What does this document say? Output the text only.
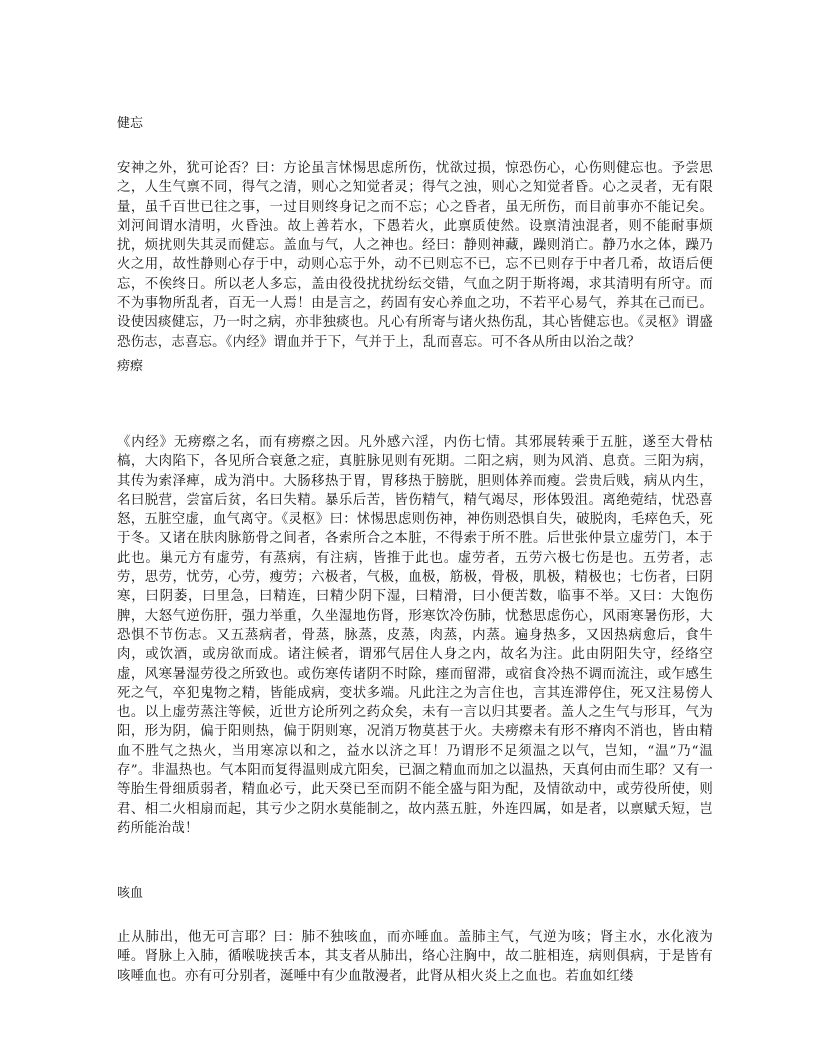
健忘

安神之外，犹可论否？曰：方论虽言怵惕思虑所伤，忧欲过损，惊恐伤心，心伤则健忘也。予尝思之，人生气禀不同，得气之清，则心之知觉者灵；得气之浊，则心之知觉者昏。心之灵者，无有限量，虽千百世已往之事，一过目则终身记之而不忘；心之昏者，虽无所伤，而目前事亦不能记矣。刘河间谓水清明，火昏浊。故上善若水，下愚若火，此禀质使然。设禀清浊混者，则不能耐事烦扰，烦扰则失其灵而健忘。盖血与气，人之神也。经曰：静则神藏，躁则消亡。静乃水之体，躁乃火之用，故性静则心存于中，动则心忘于外，动不已则忘不已，忘不已则存于中者几希，故语后便忘，不俟终日。所以老人多忘，盖由役役扰扰纷纭交错，气血之阴于斯将竭，求其清明有所守。而不为事物所乱者，百无一人焉！由是言之，药固有安心养血之功，不若平心易气，养其在己而已。设使因痰健忘，乃一时之病，亦非独痰也。凡心有所寄与诸火热伤乱，其心皆健忘也。《灵枢》谓盛恐伤志，志喜忘。《内经》谓血并于下，气并于上，乱而喜忘。可不各从所由以治之哉？

痨瘵

《内经》无痨瘵之名，而有痨瘵之因。凡外感六淫，内伤七情。其邪展转乘于五脏，遂至大骨枯槁，大肉陷下，各见所合衰惫之症，真脏脉见则有死期。二阳之病，则为风消、息贲。三阳为病，其传为索泽痺，成为消中。大肠移热于胃，胃移热于膀胱，胆则体养而瘦。尝贵后贱，病从内生，名曰脱营，尝富后贫，名曰失精。暴乐后苦，皆伤精气，精气竭尽，形体毁沮。离绝菀结，忧恐喜怒，五脏空虚，血气离守。《灵枢》曰：怵惕思虑则伤神，神伤则恐惧自失，破脱肉，毛瘁色夭，死于冬。又诸在肤肉脉筋骨之间者，各索所合之本脏，不得索于所不胜。后世张仲景立虚劳门，本于此也。巢元方有虚劳，有蒸病，有注病，皆推于此也。虚劳者，五劳六极七伤是也。五劳者，志劳，思劳，忧劳，心劳，瘦劳；六极者，气极，血极，筋极，骨极，肌极，精极也；七伤者，曰阴寒，曰阴萎，曰里急，曰精连，曰精少阴下湿，曰精滑，曰小便苦数，临事不举。又曰：大饱伤脾，大怒气逆伤肝，强力举重，久坐湿地伤肾，形寒饮冷伤肺，忧愁思虑伤心，风雨寒暑伤形，大恐惧不节伤志。又五蒸病者，骨蒸，脉蒸，皮蒸，肉蒸，内蒸。遍身热多，又因热病愈后，食牛肉，或饮酒，或房欲而成。诸注候者，谓邪气居住人身之内，故名为注。此由阴阳失守，经络空虚，风寒暑湿劳役之所致也。或伤寒传诸阴不时除，瘗而留滞，或宿食冷热不调而流注，或乍感生死之气，卒犯鬼物之精，皆能成病，变状多端。凡此注之为言住也，言其连滞停住，死又注易傍人也。以上虚劳蒸注等候，近世方论所列之药众矣，未有一言以归其要者。盖人之生气与形耳，气为阳，形为阴，偏于阳则热，偏于阴则寒，况消万物莫甚于火。夫痨瘵未有形不瘠肉不消也，皆由精血不胜气之热火，当用寒凉以和之，益水以济之耳！乃谓形不足须温之以气，岂知，“温”乃“温存”。非温热也。气本阳而复得温则成亢阳矣，已涸之精血而加之以温热，天真何由而生耶？又有一等胎生骨细质弱者，精血必亏，此天癸已至而阴不能全盛与阳为配，及情欲动中，或劳役所使，则君、相二火相扇而起，其亏少之阴水莫能制之，故内蒸五脏，外连四属，如是者，以禀赋夭短，岂药所能治哉！

咳血

止从肺出，他无可言耶？曰：肺不独咳血，而亦唾血。盖肺主气，气逆为咳；肾主水，水化液为唾。肾脉上入肺，循喉咙挟舌本，其支者从肺出，络心注胸中，故二脏相连，病则俱病，于是皆有咳唾血也。亦有可分别者，涎唾中有少血散漫者，此肾从相火炎上之血也。若血如红缕
